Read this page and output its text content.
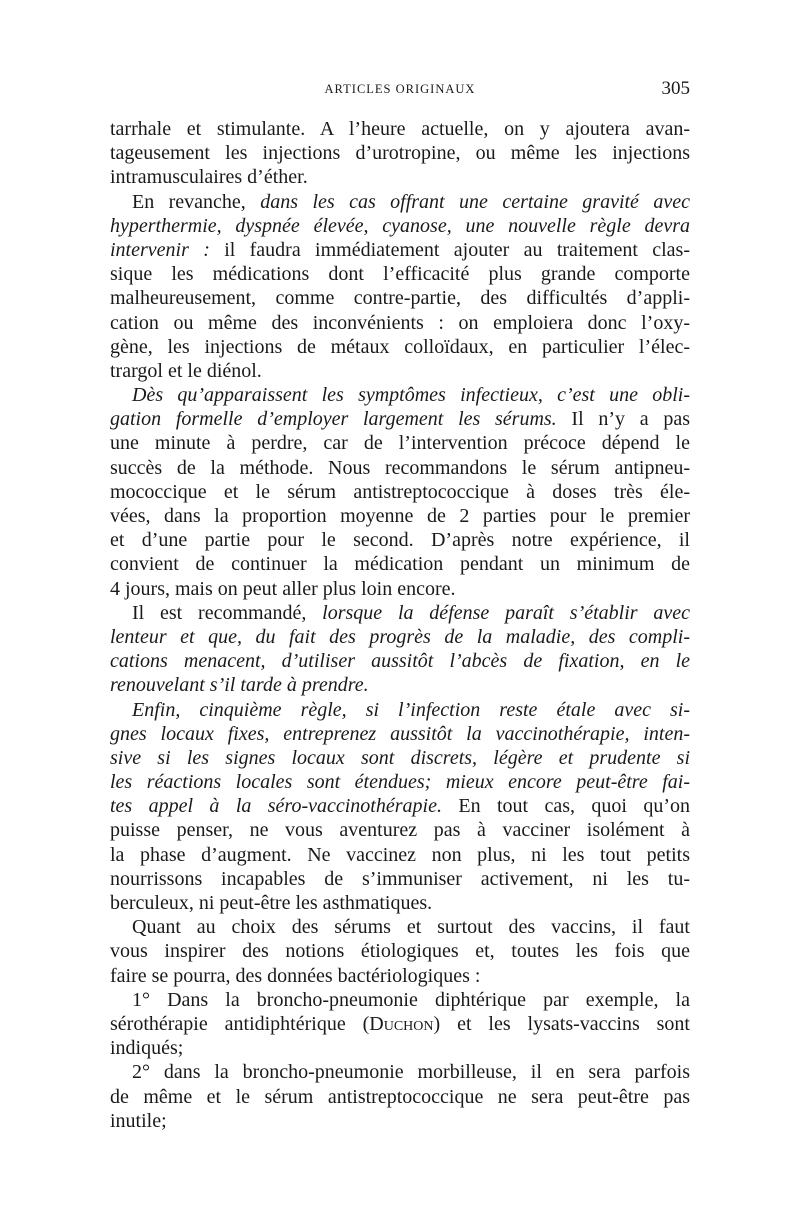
ARTICLES ORIGINAUX	305
tarrhale et stimulante. A l’heure actuelle, on y ajoutera avan-
tageusement les injections d’urotropine, ou même les injections
intramusculaires d’éther.
En revanche, dans les cas offrant une certaine gravité avec
hyperthermie, dyspnée élevée, cyanose, une nouvelle règle devra
intervenir : il faudra immédiatement ajouter au traitement clas-
sique les médications dont l’efficacité plus grande comporte
malheureusement, comme contre-partie, des difficultés d’appli-
cation ou même des inconvénients : on emploiera donc l’oxy-
gène, les injections de métaux colloïdaux, en particulier l’élec-
trargol et le diénol.
Dès qu’apparaissent les symptômes infectieux, c’est une obli-
gation formelle d’employer largement les sérums. Il n’y a pas
une minute à perdre, car de l’intervention précoce dépend le
succès de la méthode. Nous recommandons le sérum antipneu-
mococcique et le sérum antistreptococcique à doses très éle-
vées, dans la proportion moyenne de 2 parties pour le premier
et d’une partie pour le second. D’après notre expérience, il
convient de continuer la médication pendant un minimum de
4 jours, mais on peut aller plus loin encore.
Il est recommandé, lorsque la défense paraît s’établir avec
lenteur et que, du fait des progrès de la maladie, des compli-
cations menacent, d’utiliser aussitôt l’abcès de fixation, en le
renouvelant s’il tarde à prendre.
Enfin, cinquième règle, si l’infection reste étale avec si-
gnes locaux fixes, entreprenez aussitôt la vaccinothérapie, inten-
sive si les signes locaux sont discrets, légère et prudente si
les réactions locales sont étendues; mieux encore peut-être fai-
tes appel à la séro-vaccinothérapie. En tout cas, quoi qu’on
puisse penser, ne vous aventurez pas à vacciner isolément à
la phase d’augment. Ne vaccinez non plus, ni les tout petits
nourrissons incapables de s’immuniser activement, ni les tu-
berculeux, ni peut-être les asthmatiques.
Quant au choix des sérums et surtout des vaccins, il faut
vous inspirer des notions étiologiques et, toutes les fois que
faire se pourra, des données bactériologiques :
1° Dans la broncho-pneumonie diphtérique par exemple, la
sérothérapie antidiphtérique (Duchon) et les lysats-vaccins sont
indiqués;
2° dans la broncho-pneumonie morbilleuse, il en sera parfois
de même et le sérum antistreptococcique ne sera peut-être pas
inutile;
